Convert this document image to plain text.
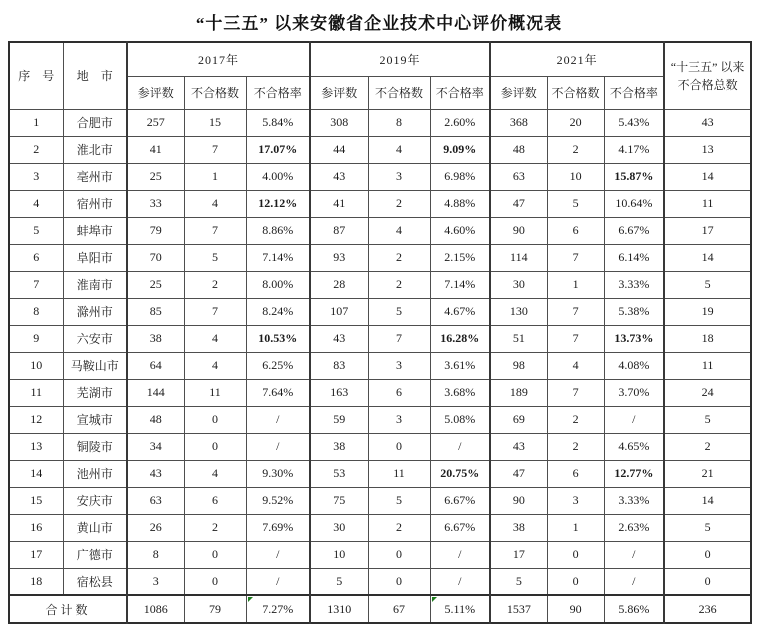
“十三五” 以来安徽省企业技术中心评价概况表
序　号	地　市	2017年			2019年			2021年			“十三五” 以来
不合格总数
		参评数	不合格数	不合格率	参评数	不合格数	不合格率	参评数	不合格数	不合格率	
1	合肥市	257	15	5.84%	308	8	2.60%	368	20	5.43%	43
2	淮北市	41	7	17.07%	44	4	9.09%	48	2	4.17%	13
3	亳州市	25	1	4.00%	43	3	6.98%	63	10	15.87%	14
4	宿州市	33	4	12.12%	41	2	4.88%	47	5	10.64%	11
5	蚌埠市	79	7	8.86%	87	4	4.60%	90	6	6.67%	17
6	阜阳市	70	5	7.14%	93	2	2.15%	114	7	6.14%	14
7	淮南市	25	2	8.00%	28	2	7.14%	30	1	3.33%	5
8	滁州市	85	7	8.24%	107	5	4.67%	130	7	5.38%	19
9	六安市	38	4	10.53%	43	7	16.28%	51	7	13.73%	18
10	马鞍山市	64	4	6.25%	83	3	3.61%	98	4	4.08%	11
11	芜湖市	144	11	7.64%	163	6	3.68%	189	7	3.70%	24
12	宣城市	48	0	/	59	3	5.08%	69	2	/	5
13	铜陵市	34	0	/	38	0	/	43	2	4.65%	2
14	池州市	43	4	9.30%	53	11	20.75%	47	6	12.77%	21
15	安庆市	63	6	9.52%	75	5	6.67%	90	3	3.33%	14
16	黄山市	26	2	7.69%	30	2	6.67%	38	1	2.63%	5
17	广德市	8	0	/	10	0	/	17	0	/	0
18	宿松县	3	0	/	5	0	/	5	0	/	0
合计数		1086	79	7.27%	1310	67	5.11%	1537	90	5.86%	236
